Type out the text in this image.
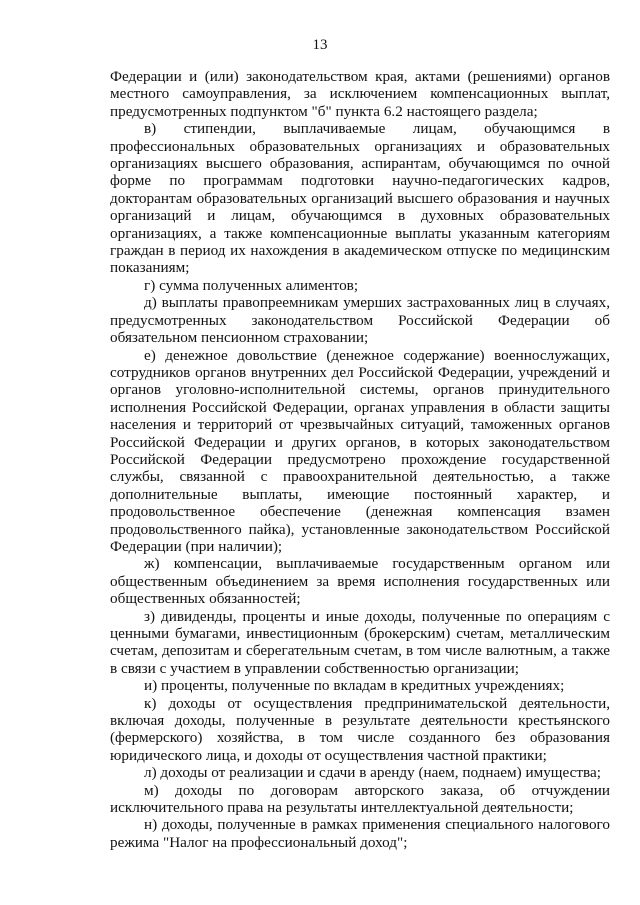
13

Федерации и (или) законодательством края, актами (решениями) органов местного самоуправления, за исключением компенсационных выплат, предусмотренных подпунктом "б" пункта 6.2 настоящего раздела;

в) стипендии, выплачиваемые лицам, обучающимся в профессиональных образовательных организациях и образовательных организациях высшего образования, аспирантам, обучающимся по очной форме по программам подготовки научно-педагогических кадров, докторантам образовательных организаций высшего образования и научных организаций и лицам, обучающимся в духовных образовательных организациях, а также компенсационные выплаты указанным категориям граждан в период их нахождения в академическом отпуске по медицинским показаниям;

г) сумма полученных алиментов;

д) выплаты правопреемникам умерших застрахованных лиц в случаях, предусмотренных законодательством Российской Федерации об обязательном пенсионном страховании;

е) денежное довольствие (денежное содержание) военнослужащих, сотрудников органов внутренних дел Российской Федерации, учреждений и органов уголовно-исполнительной системы, органов принудительного исполнения Российской Федерации, органах управления в области защиты населения и территорий от чрезвычайных ситуаций, таможенных органов Российской Федерации и других органов, в которых законодательством Российской Федерации предусмотрено прохождение государственной службы, связанной с правоохранительной деятельностью, а также дополнительные выплаты, имеющие постоянный характер, и продовольственное обеспечение (денежная компенсация взамен продовольственного пайка), установленные законодательством Российской Федерации (при наличии);

ж) компенсации, выплачиваемые государственным органом или общественным объединением за время исполнения государственных или общественных обязанностей;

з) дивиденды, проценты и иные доходы, полученные по операциям с ценными бумагами, инвестиционным (брокерским) счетам, металлическим счетам, депозитам и сберегательным счетам, в том числе валютным, а также в связи с участием в управлении собственностью организации;

и) проценты, полученные по вкладам в кредитных учреждениях;

к) доходы от осуществления предпринимательской деятельности, включая доходы, полученные в результате деятельности крестьянского (фермерского) хозяйства, в том числе созданного без образования юридического лица, и доходы от осуществления частной практики;

л) доходы от реализации и сдачи в аренду (наем, поднаем) имущества;

м) доходы по договорам авторского заказа, об отчуждении исключительного права на результаты интеллектуальной деятельности;

н) доходы, полученные в рамках применения специального налогового режима "Налог на профессиональный доход";
